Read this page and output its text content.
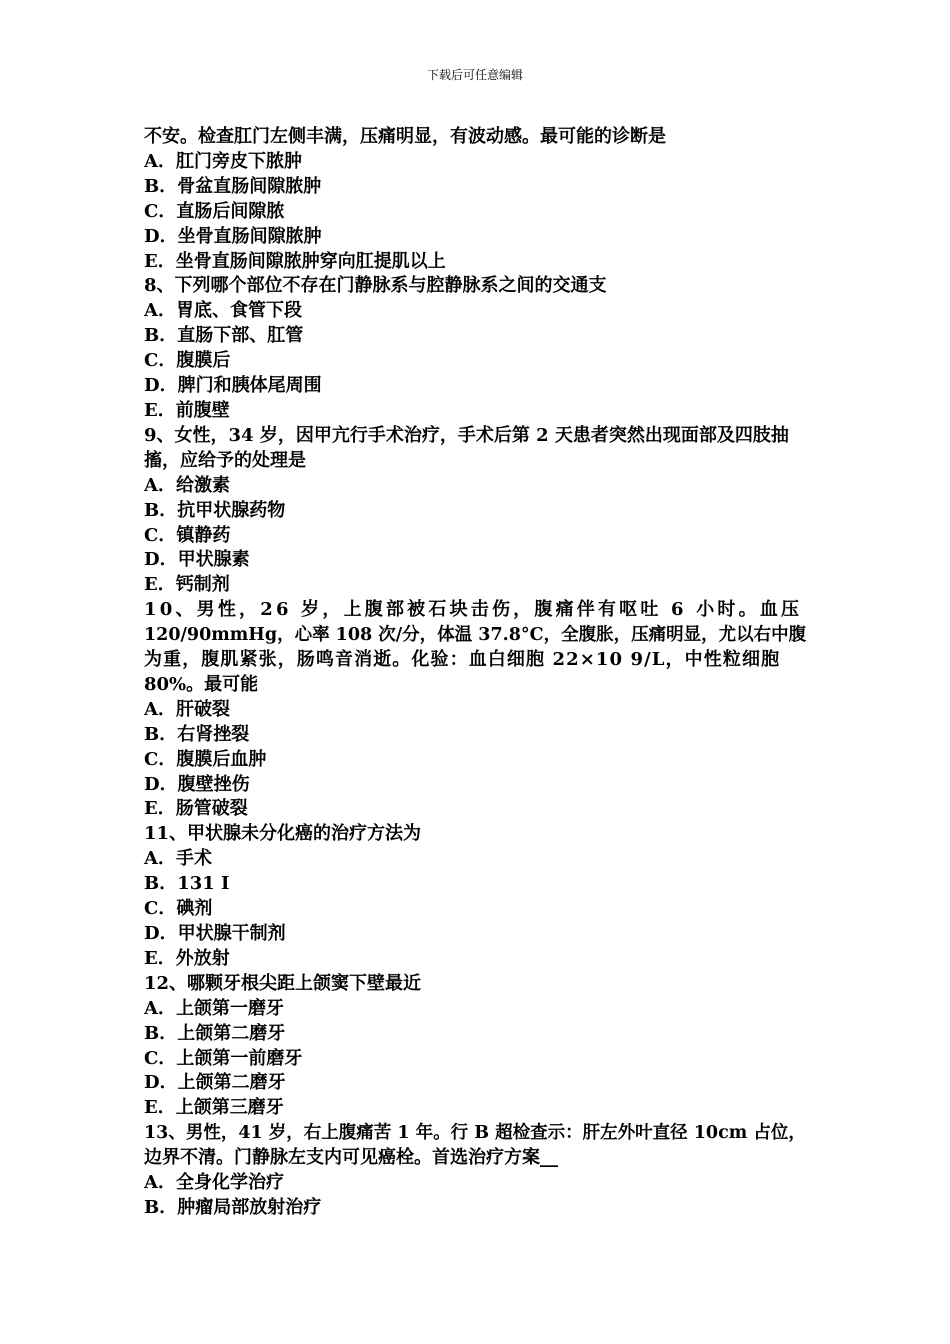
下载后可任意编辑
不安。检查肛门左侧丰满，压痛明显，有波动感。最可能的诊断是
A．肛门旁皮下脓肿
B．骨盆直肠间隙脓肿
C．直肠后间隙脓
D．坐骨直肠间隙脓肿
E．坐骨直肠间隙脓肿穿向肛提肌以上
8、下列哪个部位不存在门静脉系与腔静脉系之间的交通支
A．胃底、食管下段
B．直肠下部、肛管
C．腹膜后
D．脾门和胰体尾周围
E．前腹壁
9、女性，34 岁，因甲亢行手术治疗，手术后第 2 天患者突然出现面部及四肢抽
搐，应给予的处理是
A．给激素
B．抗甲状腺药物
C．镇静药
D．甲状腺素
E．钙制剂
10、男性，26 岁，上腹部被石块击伤，腹痛伴有呕吐 6 小时。血压
120/90mmHg，心率 108 次/分，体温 37.8°C，全腹胀，压痛明显，尤以右中腹
为重，腹肌紧张，肠鸣音消逝。化验：血白细胞 22×10 9/L，中性粒细胞
80%。最可能
A．肝破裂
B．右肾挫裂
C．腹膜后血肿
D．腹壁挫伤
E．肠管破裂
11、甲状腺未分化癌的治疗方法为
A．手术
B．131 I
C．碘剂
D．甲状腺干制剂
E．外放射
12、哪颗牙根尖距上颌窦下壁最近
A．上颌第一磨牙
B．上颌第二磨牙
C．上颌第一前磨牙
D．上颌第二磨牙
E．上颌第三磨牙
13、男性，41 岁，右上腹痛苦 1 年。行 B 超检查示：肝左外叶直径 10cm 占位，
边界不清。门静脉左支内可见癌栓。首选治疗方案__
A．全身化学治疗
B．肿瘤局部放射治疗
